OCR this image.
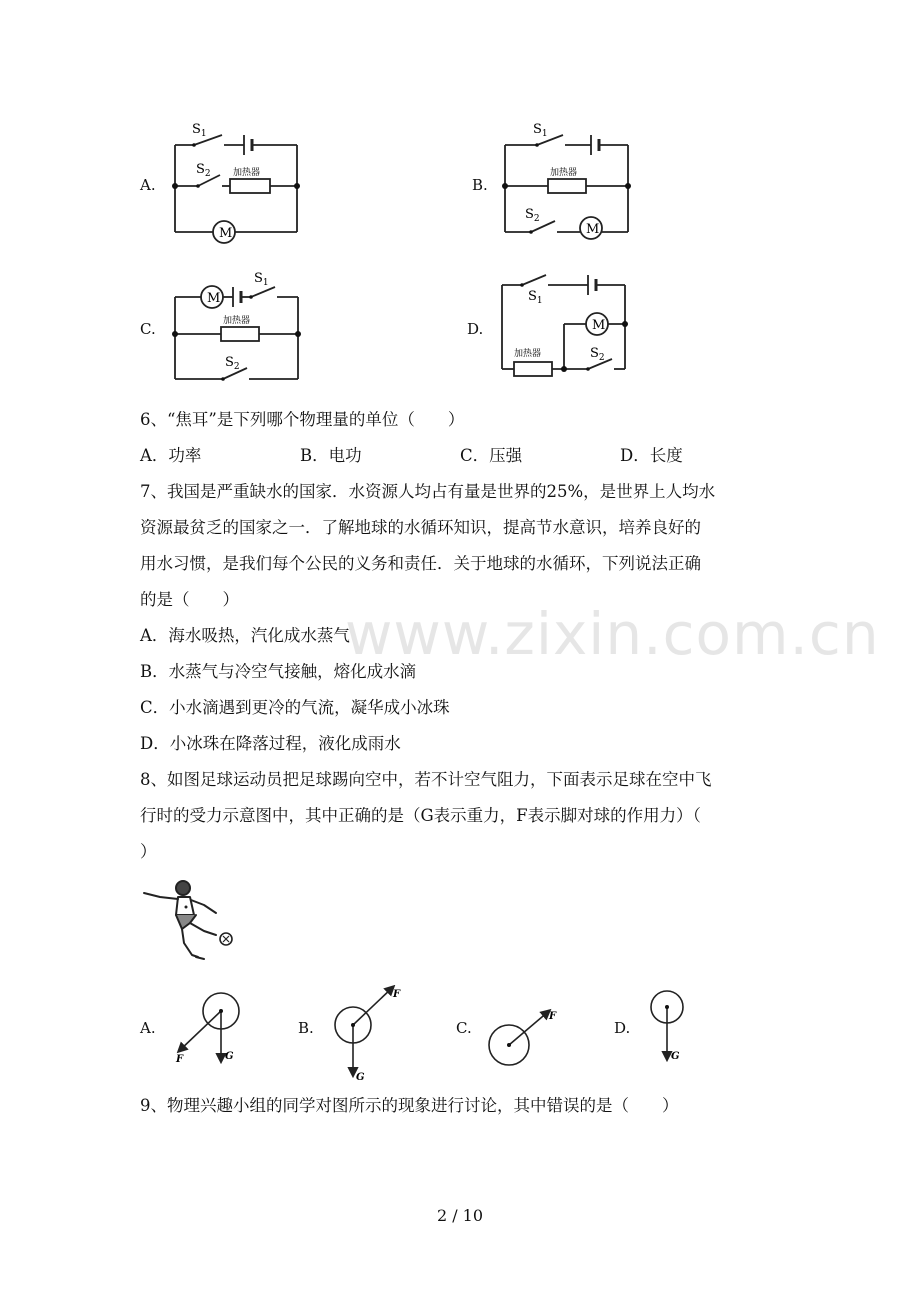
www.zixin.com.cn
A.	B.
C.	D.
$S_1$
$S_2$ 加热器
M
$S_1$
$S_2$
加热器
M
$S_1$
$S_2$
加热器
M	$S_1$
$S_2$
加热器
M
6、“焦耳”是下列哪个物理量的单位（　　）
A．功率	B．电功	C．压强	D．长度
7、我国是严重缺水的国家．水资源人均占有量是世界的25%，是世界上人均水
资源最贫乏的国家之一．了解地球的水循环知识，提高节水意识，培养良好的
用水习惯，是我们每个公民的义务和责任．关于地球的水循环，下列说法正确
的是（　　）
A．海水吸热，汽化成水蒸气
B．水蒸气与冷空气接触，熔化成水滴
C．小水滴遇到更冷的气流，凝华成小冰珠
D．小冰珠在降落过程，液化成雨水
8、如图足球运动员把足球踢向空中，若不计空气阻力，下面表示足球在空中飞
行时的受力示意图中，其中正确的是（G表示重力，F表示脚对球的作用力）（
）
A.	B.	C.	D.
G
F
G
F
F
G
9、物理兴趣小组的同学对图所示的现象进行讨论，其中错误的是（　　）
2 / 10
